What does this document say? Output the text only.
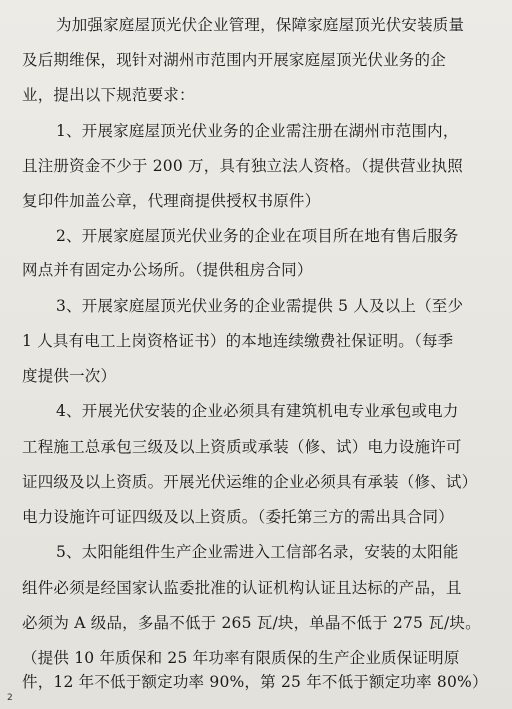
为加强家庭屋顶光伏企业管理，保障家庭屋顶光伏安装质量
及后期维保，现针对湖州市范围内开展家庭屋顶光伏业务的企
业，提出以下规范要求：
1、开展家庭屋顶光伏业务的企业需注册在湖州市范围内，
且注册资金不少于 200 万，具有独立法人资格。（提供营业执照
复印件加盖公章，代理商提供授权书原件）
2、开展家庭屋顶光伏业务的企业在项目所在地有售后服务
网点并有固定办公场所。（提供租房合同）
3、开展家庭屋顶光伏业务的企业需提供 5 人及以上（至少
1 人具有电工上岗资格证书）的本地连续缴费社保证明。（每季
度提供一次）
4、开展光伏安装的企业必须具有建筑机电专业承包或电力
工程施工总承包三级及以上资质或承装（修、试）电力设施许可
证四级及以上资质。开展光伏运维的企业必须具有承装（修、试）
电力设施许可证四级及以上资质。（委托第三方的需出具合同）
5、太阳能组件生产企业需进入工信部名录，安装的太阳能
组件必须是经国家认监委批准的认证机构认证且达标的产品，且
必须为 A 级品，多晶不低于 265 瓦/块，单晶不低于 275 瓦/块。
（提供 10 年质保和 25 年功率有限质保的生产企业质保证明原
件，12 年不低于额定功率 90%，第 25 年不低于额定功率 80%）
2
